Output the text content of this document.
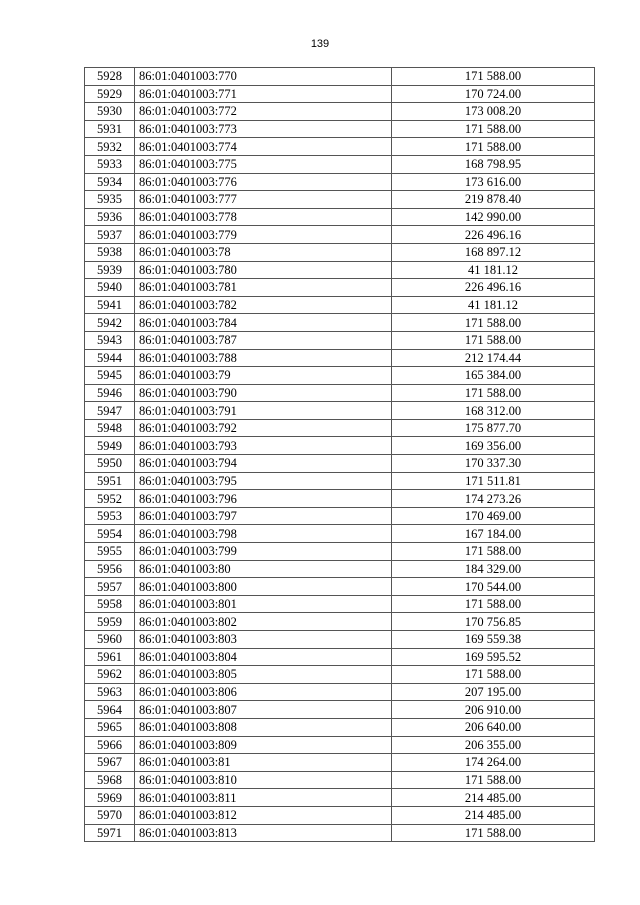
139
5928	86:01:0401003:770	171 588.00
5929	86:01:0401003:771	170 724.00
5930	86:01:0401003:772	173 008.20
5931	86:01:0401003:773	171 588.00
5932	86:01:0401003:774	171 588.00
5933	86:01:0401003:775	168 798.95
5934	86:01:0401003:776	173 616.00
5935	86:01:0401003:777	219 878.40
5936	86:01:0401003:778	142 990.00
5937	86:01:0401003:779	226 496.16
5938	86:01:0401003:78	168 897.12
5939	86:01:0401003:780	41 181.12
5940	86:01:0401003:781	226 496.16
5941	86:01:0401003:782	41 181.12
5942	86:01:0401003:784	171 588.00
5943	86:01:0401003:787	171 588.00
5944	86:01:0401003:788	212 174.44
5945	86:01:0401003:79	165 384.00
5946	86:01:0401003:790	171 588.00
5947	86:01:0401003:791	168 312.00
5948	86:01:0401003:792	175 877.70
5949	86:01:0401003:793	169 356.00
5950	86:01:0401003:794	170 337.30
5951	86:01:0401003:795	171 511.81
5952	86:01:0401003:796	174 273.26
5953	86:01:0401003:797	170 469.00
5954	86:01:0401003:798	167 184.00
5955	86:01:0401003:799	171 588.00
5956	86:01:0401003:80	184 329.00
5957	86:01:0401003:800	170 544.00
5958	86:01:0401003:801	171 588.00
5959	86:01:0401003:802	170 756.85
5960	86:01:0401003:803	169 559.38
5961	86:01:0401003:804	169 595.52
5962	86:01:0401003:805	171 588.00
5963	86:01:0401003:806	207 195.00
5964	86:01:0401003:807	206 910.00
5965	86:01:0401003:808	206 640.00
5966	86:01:0401003:809	206 355.00
5967	86:01:0401003:81	174 264.00
5968	86:01:0401003:810	171 588.00
5969	86:01:0401003:811	214 485.00
5970	86:01:0401003:812	214 485.00
5971	86:01:0401003:813	171 588.00
